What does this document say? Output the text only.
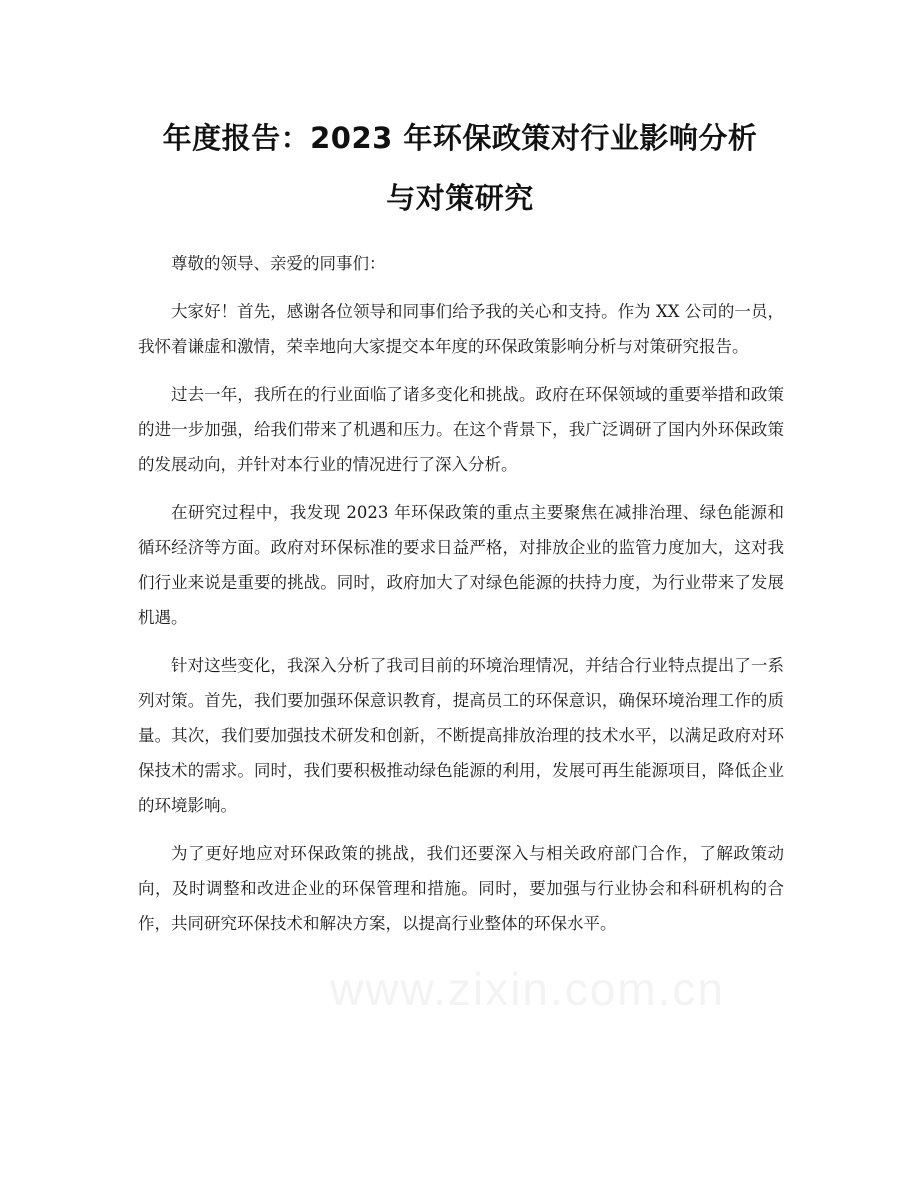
年度报告：2023 年环保政策对行业影响分析
与对策研究

尊敬的领导、亲爱的同事们：

大家好！首先，感谢各位领导和同事们给予我的关心和支持。作为 XX 公司的一员，我怀着谦虚和激情，荣幸地向大家提交本年度的环保政策影响分析与对策研究报告。

过去一年，我所在的行业面临了诸多变化和挑战。政府在环保领域的重要举措和政策的进一步加强，给我们带来了机遇和压力。在这个背景下，我广泛调研了国内外环保政策的发展动向，并针对本行业的情况进行了深入分析。

在研究过程中，我发现 2023 年环保政策的重点主要聚焦在减排治理、绿色能源和循环经济等方面。政府对环保标准的要求日益严格，对排放企业的监管力度加大，这对我们行业来说是重要的挑战。同时，政府加大了对绿色能源的扶持力度，为行业带来了发展机遇。

针对这些变化，我深入分析了我司目前的环境治理情况，并结合行业特点提出了一系列对策。首先，我们要加强环保意识教育，提高员工的环保意识，确保环境治理工作的质量。其次，我们要加强技术研发和创新，不断提高排放治理的技术水平，以满足政府对环保技术的需求。同时，我们要积极推动绿色能源的利用，发展可再生能源项目，降低企业的环境影响。

为了更好地应对环保政策的挑战，我们还要深入与相关政府部门合作，了解政策动向，及时调整和改进企业的环保管理和措施。同时，要加强与行业协会和科研机构的合作，共同研究环保技术和解决方案，以提高行业整体的环保水平。

www.zixin.com.cn
